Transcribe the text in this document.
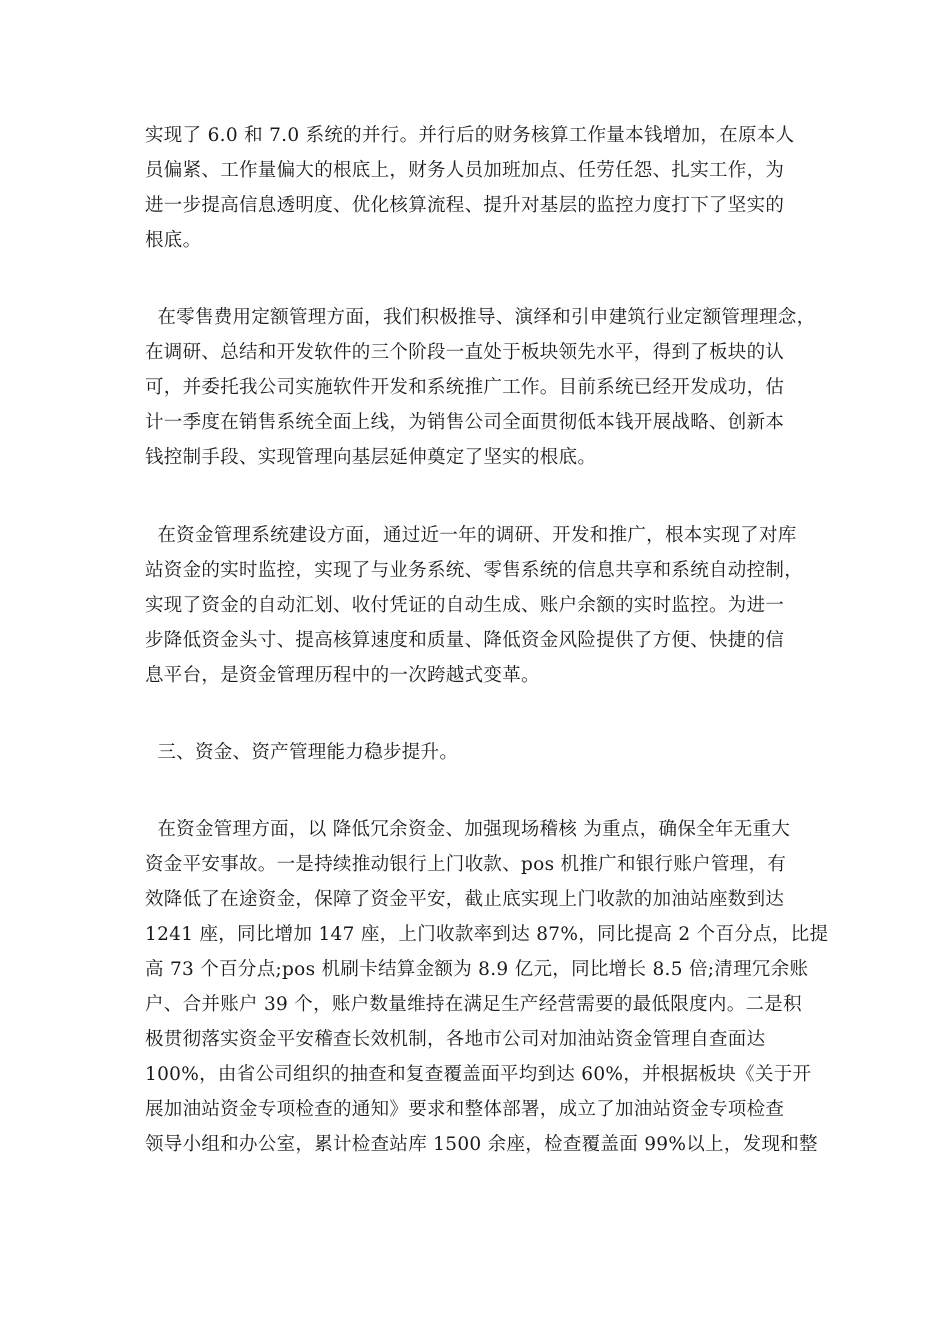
实现了 6.0 和 7.0 系统的并行。并行后的财务核算工作量本钱增加，在原本人
员偏紧、工作量偏大的根底上，财务人员加班加点、任劳任怨、扎实工作，为
进一步提高信息透明度、优化核算流程、提升对基层的监控力度打下了坚实的
根底。
在零售费用定额管理方面，我们积极推导、演绎和引申建筑行业定额管理理念，
在调研、总结和开发软件的三个阶段一直处于板块领先水平，得到了板块的认
可，并委托我公司实施软件开发和系统推广工作。目前系统已经开发成功，估
计一季度在销售系统全面上线，为销售公司全面贯彻低本钱开展战略、创新本
钱控制手段、实现管理向基层延伸奠定了坚实的根底。
在资金管理系统建设方面，通过近一年的调研、开发和推广，根本实现了对库
站资金的实时监控，实现了与业务系统、零售系统的信息共享和系统自动控制，
实现了资金的自动汇划、收付凭证的自动生成、账户余额的实时监控。为进一
步降低资金头寸、提高核算速度和质量、降低资金风险提供了方便、快捷的信
息平台，是资金管理历程中的一次跨越式变革。
三、资金、资产管理能力稳步提升。
在资金管理方面，以 降低冗余资金、加强现场稽核 为重点，确保全年无重大
资金平安事故。一是持续推动银行上门收款、pos 机推广和银行账户管理，有
效降低了在途资金，保障了资金平安，截止底实现上门收款的加油站座数到达
1241 座，同比增加 147 座，上门收款率到达 87%，同比提高 2 个百分点，比提
高 73 个百分点;pos 机刷卡结算金额为 8.9 亿元，同比增长 8.5 倍;清理冗余账
户、合并账户 39 个，账户数量维持在满足生产经营需要的最低限度内。二是积
极贯彻落实资金平安稽查长效机制，各地市公司对加油站资金管理自查面达
100%，由省公司组织的抽查和复查覆盖面平均到达 60%，并根据板块《关于开
展加油站资金专项检查的通知》要求和整体部署，成立了加油站资金专项检查
领导小组和办公室，累计检查站库 1500 余座，检查覆盖面 99%以上，发现和整
